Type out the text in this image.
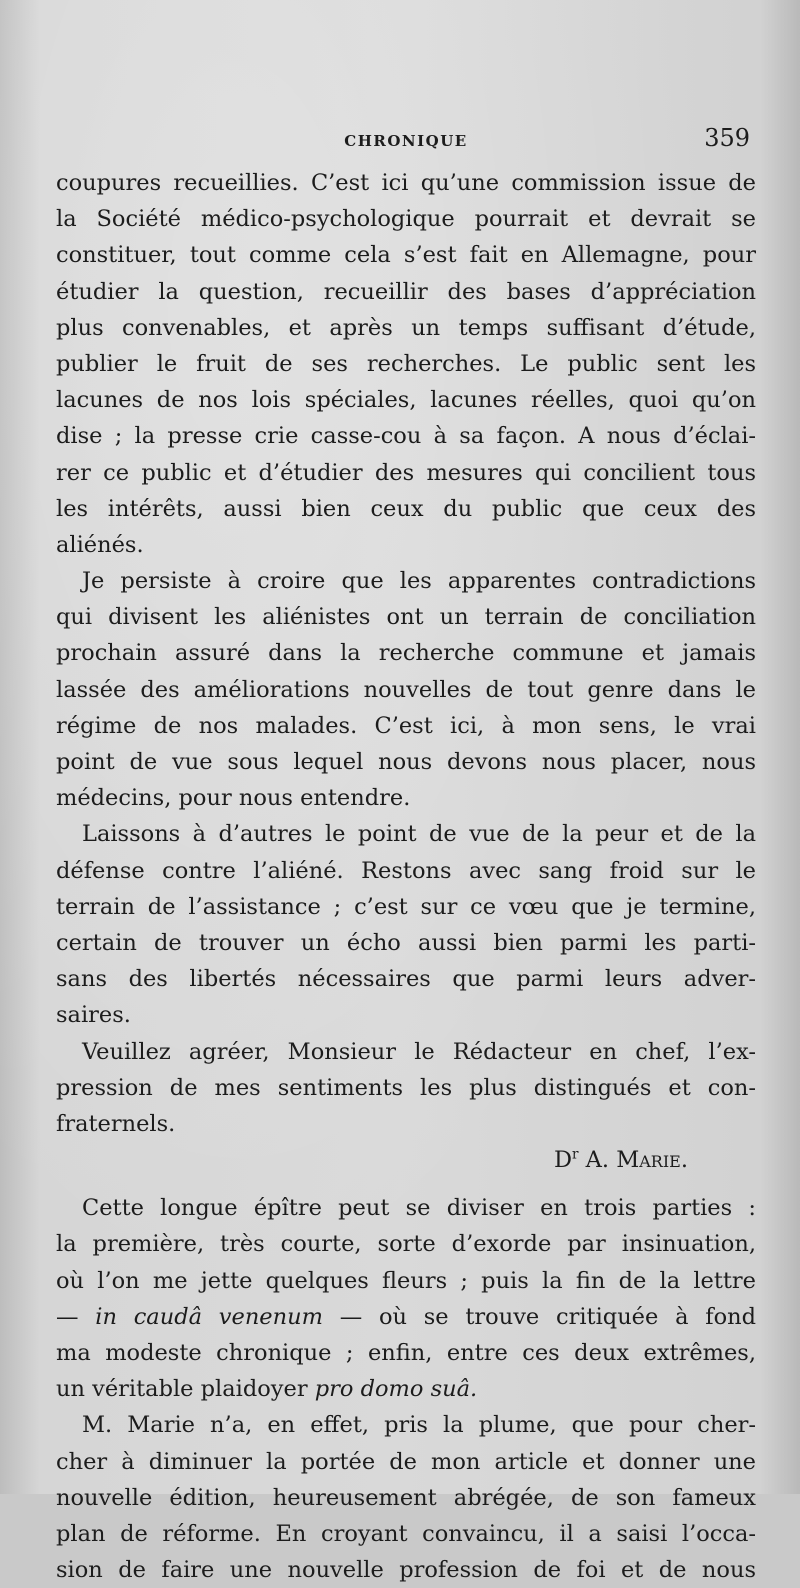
CHRONIQUE	359
coupures recueillies. C’est ici qu’une commission issue de
la Société médico-psychologique pourrait et devrait se
constituer, tout comme cela s’est fait en Allemagne, pour
étudier la question, recueillir des bases d’appréciation
plus convenables, et après un temps suffisant d’étude,
publier le fruit de ses recherches. Le public sent les
lacunes de nos lois spéciales, lacunes réelles, quoi qu’on
dise ; la presse crie casse-cou à sa façon. A nous d’éclai-
rer ce public et d’étudier des mesures qui concilient tous
les intérêts, aussi bien ceux du public que ceux des
aliénés.
Je persiste à croire que les apparentes contradictions
qui divisent les aliénistes ont un terrain de conciliation
prochain assuré dans la recherche commune et jamais
lassée des améliorations nouvelles de tout genre dans le
régime de nos malades. C’est ici, à mon sens, le vrai
point de vue sous lequel nous devons nous placer, nous
médecins, pour nous entendre.
Laissons à d’autres le point de vue de la peur et de la
défense contre l’aliéné. Restons avec sang froid sur le
terrain de l’assistance ; c’est sur ce vœu que je termine,
certain de trouver un écho aussi bien parmi les parti-
sans des libertés nécessaires que parmi leurs adver-
saires.
Veuillez agréer, Monsieur le Rédacteur en chef, l’ex-
pression de mes sentiments les plus distingués et con-
fraternels.
$D^r$ A. Marie.
Cette longue épître peut se diviser en trois parties :
la première, très courte, sorte d’exorde par insinuation,
où l’on me jette quelques fleurs ; puis la fin de la lettre
— in caudâ venenum — où se trouve critiquée à fond
ma modeste chronique ; enfin, entre ces deux extrêmes,
un véritable plaidoyer pro domo suâ.
M. Marie n’a, en effet, pris la plume, que pour cher-
cher à diminuer la portée de mon article et donner une
nouvelle édition, heureusement abrégée, de son fameux
plan de réforme. En croyant convaincu, il a saisi l’occa-
sion de faire une nouvelle profession de foi et de nous
